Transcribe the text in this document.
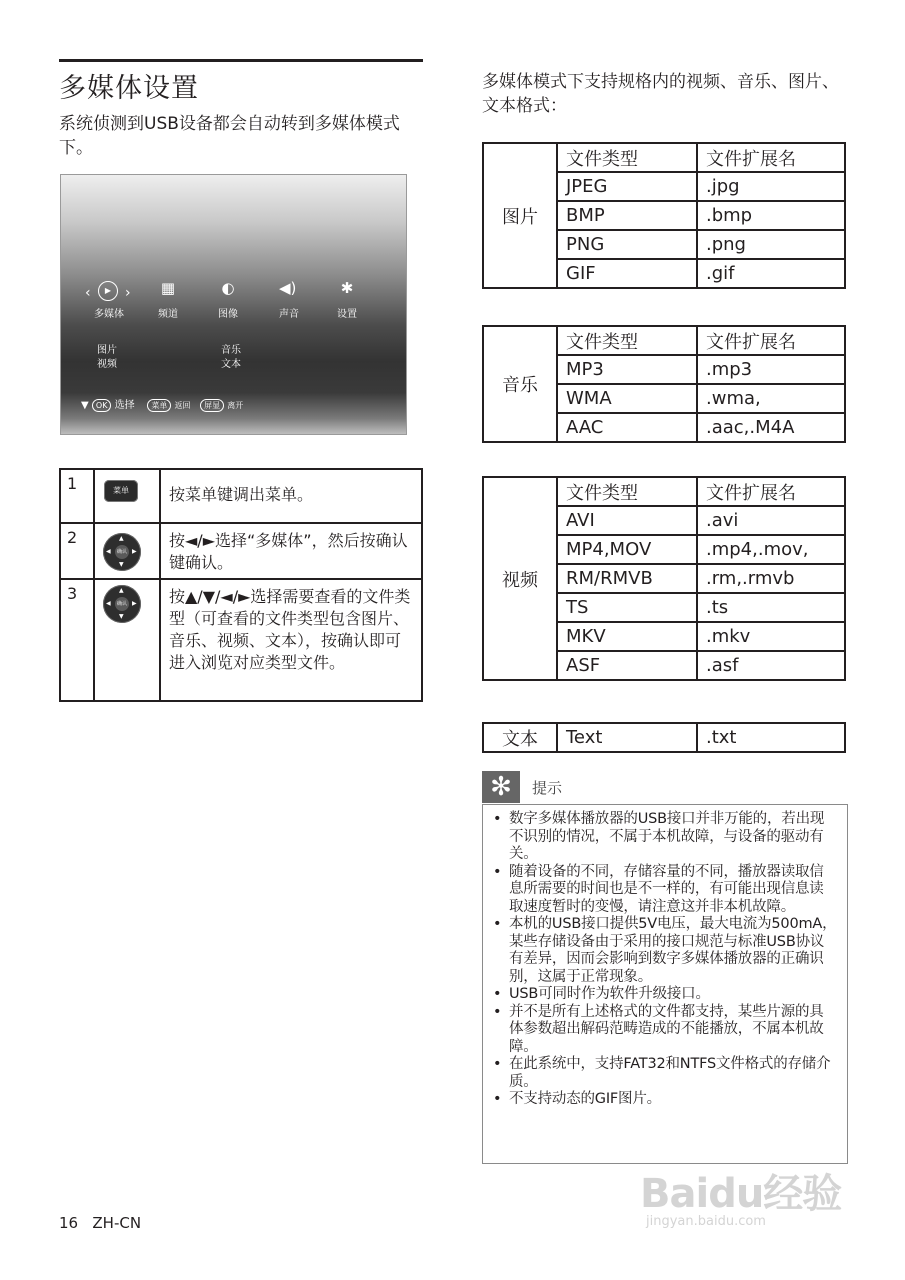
多媒体设置
系统侦测到USB设备都会自动转到多媒体模式下。
‹	▶ › ▦	◐	◀)	✱
多媒体	频道	图像	声音	设置
图片
视频
音乐
文本
▼ OK 选择 菜单 返回 屏显 离开
1	菜单	按菜单键调出菜单。
2	▲
▼
◀ ▶
确认	按◄/►选择“多媒体”，然后按确认键确认。
3	▲
▼
◀ ▶
确认	按▲/▼/◄/►选择需要查看的文件类型（可查看的文件类型包含图片、音乐、视频、文本），按确认即可进入浏览对应类型文件。
多媒体模式下支持规格内的视频、音乐、图片、文本格式：
图片	文件类型	文件扩展名
	JPEG	.jpg
	BMP	.bmp
	PNG	.png
	GIF	.gif
音乐	文件类型	文件扩展名
	MP3	.mp3
	WMA	.wma,
	AAC	.aac,.M4A
视频	文件类型	文件扩展名
	AVI	.avi
	MP4,MOV	.mp4,.mov,
	RM/RMVB	.rm,.rmvb
	TS	.ts
	MKV	.mkv
	ASF	.asf
文本	Text	.txt
✻	提示
• 数字多媒体播放器的USB接口并非万能的，若出现不识别的情况，不属于本机故障，与设备的驱动有关。
• 随着设备的不同，存储容量的不同，播放器读取信息所需要的时间也是不一样的，有可能出现信息读取速度暂时的变慢，请注意这并非本机故障。
• 本机的USB接口提供5V电压，最大电流为500mA，某些存储设备由于采用的接口规范与标准USB协议有差异，因而会影响到数字多媒体播放器的正确识别，这属于正常现象。
• USB可同时作为软件升级接口。
• 并不是所有上述格式的文件都支持，某些片源的具体参数超出解码范畴造成的不能播放，不属本机故障。
• 在此系统中，支持FAT32和NTFS文件格式的存储介质。
• 不支持动态的GIF图片。
16 ZH-CN
Baidu经验
jingyan.baidu.com
